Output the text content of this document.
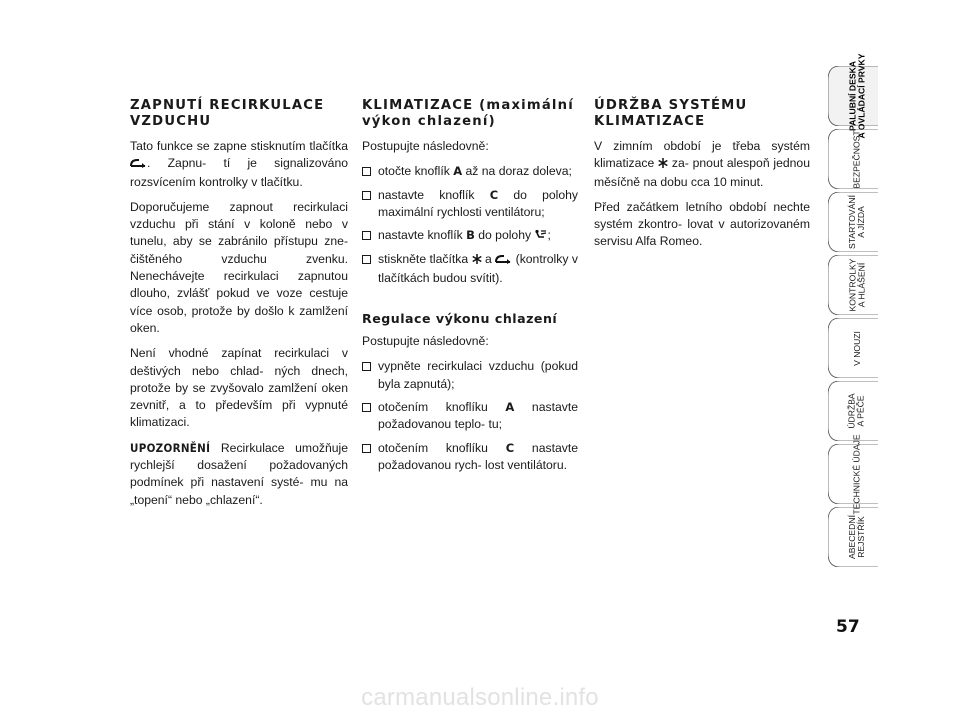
ZAPNUTÍ RECIRKULACE VZDUCHU

Tato funkce se zapne stisknutím tlačítka . Zapnu- tí je signalizováno rozsvícením kontrolky v tlačítku.

Doporučujeme zapnout recirkulaci vzduchu při stání v koloně nebo v tunelu, aby se zabránilo přístupu zne- čištěného vzduchu zvenku. Nenechávejte recirkulaci zapnutou dlouho, zvlášť pokud ve voze cestuje více osob, protože by došlo k zamlžení oken.

Není vhodné zapínat recirkulaci v deštivých nebo chlad- ných dnech, protože by se zvyšovalo zamlžení oken zevnitř, a to především při vypnuté klimatizaci.

UPOZORNĚNÍ Recirkulace umožňuje rychlejší dosažení požadovaných podmínek při nastavení systé- mu na „topení“ nebo „chlazení“.

KLIMATIZACE (maximální výkon chlazení)

Postupujte následovně:

otočte knoflík A až na doraz doleva;
nastavte knoflík C do polohy maximální rychlosti ventilátoru;
nastavte knoflík B do polohy ;
stiskněte tlačítka  a  (kontrolky v tlačítkách budou svítit).
Regulace výkonu chlazení

Postupujte následovně:

vypněte recirkulaci vzduchu (pokud byla zapnutá);
otočením knoflíku A nastavte požadovanou teplo- tu;
otočením knoflíku C nastavte požadovanou rych- lost ventilátoru.
ÚDRŽBA SYSTÉMU KLIMATIZACE

V zimním období je třeba systém klimatizace  za- pnout alespoň jednou měsíčně na dobu cca 10 minut.

Před začátkem letního období nechte systém zkontro- lovat v autorizovaném servisu Alfa Romeo.

PALUBNÍ DESKA
A OVLÁDACÍ PRVKY
BEZPEČNOST
STARTOVÁNÍ
A JÍZDA
KONTROLKY
A HLÁŠENÍ
V NOUZI
ÚDRŽBA
A PÉČE
TECHNICKÉ ÚDAJE
ABECEDNÍ
REJSTŘÍK
57
carmanualsonline.info
